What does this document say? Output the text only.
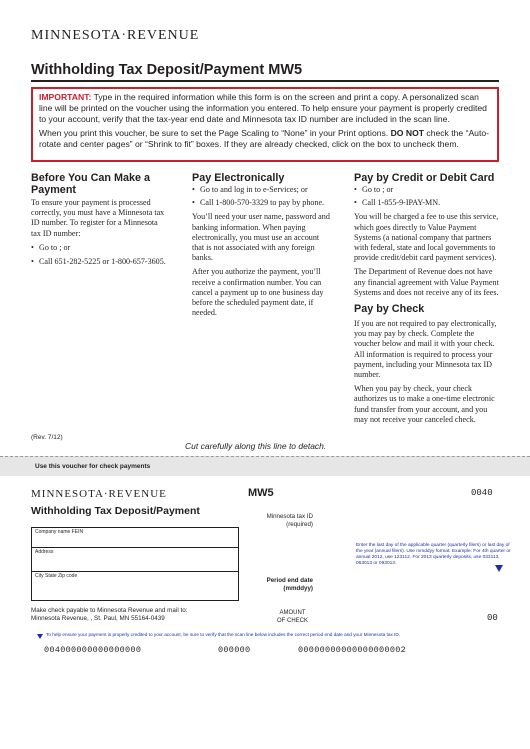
MINNESOTA·REVENUE
Withholding Tax Deposit/Payment MW5
IMPORTANT: Type in the required information while this form is on the screen and print a copy. A personalized scan line will be printed on the voucher using the information you entered. To help ensure your payment is properly credited to your account, verify that the tax-year end date and Minnesota tax ID number are included in the scan line.
When you print this voucher, be sure to set the Page Scaling to “None” in your Print options. DO NOT check the “Auto-rotate and center pages” or “Shrink to fit” boxes. If they are already checked, click on the box to uncheck them.
Before You Can Make a Payment

To ensure your payment is processed correctly, you must have a Minnesota tax ID number. To register for a Minnesota tax ID number:

• Go to ; or
• Call 651-282-5225 or 1-800-657-3605.
Pay Electronically
• Go to and log in to e-Services; or
• Call 1-800-570-3329 to pay by phone.

You’ll need your user name, password and banking information. When paying electronically, you must use an account that is not associated with any foreign banks.

After you authorize the payment, you’ll receive a confirmation number. You can cancel a payment up to one business day before the scheduled payment date, if needed.

Pay by Credit or Debit Card
• Go to ; or
• Call 1-855-9-IPAY-MN.

You will be charged a fee to use this service, which goes directly to Value Payment Systems (a national company that partners with federal, state and local governments to provide credit/debit card payment services).

The Department of Revenue does not have any financial agreement with Value Payment Systems and does not receive any of its fees.

Pay by Check

If you are not required to pay electronically, you may pay by check. Complete the voucher below and mail it with your check. All information is required to process your payment, including your Minnesota tax ID number.

When you pay by check, your check authorizes us to make a one-time electronic fund transfer from your account, and you may not receive your canceled check.

(Rev. 7/12)
Cut carefully along this line to detach.
Use this voucher for check payments
MINNESOTA·REVENUE	MW5	0040
Withholding Tax Deposit/Payment
Company name FEIN
Address
City State Zip code
Minnesota tax ID
(required)
Period end date
(mmddyy)
Enter the last day of the applicable quarter (quarterly filers) or last day of the year (annual filers). Use mmddyy format. Example: For 4th quarter or annual 2012, use 123112. For 2013 quarterly deposits, use 033113, 063013 or 093013.
Make check payable to Minnesota Revenue and mail to:
Minnesota Revenue, , St. Paul, MN 55164-0439
AMOUNT
OF CHECK	00
To help ensure your payment is properly credited to your account, be sure to verify that the scan line below includes the correct period end date and your Minnesota tax ID.
004000000000000000	000000	00000000000000000002
